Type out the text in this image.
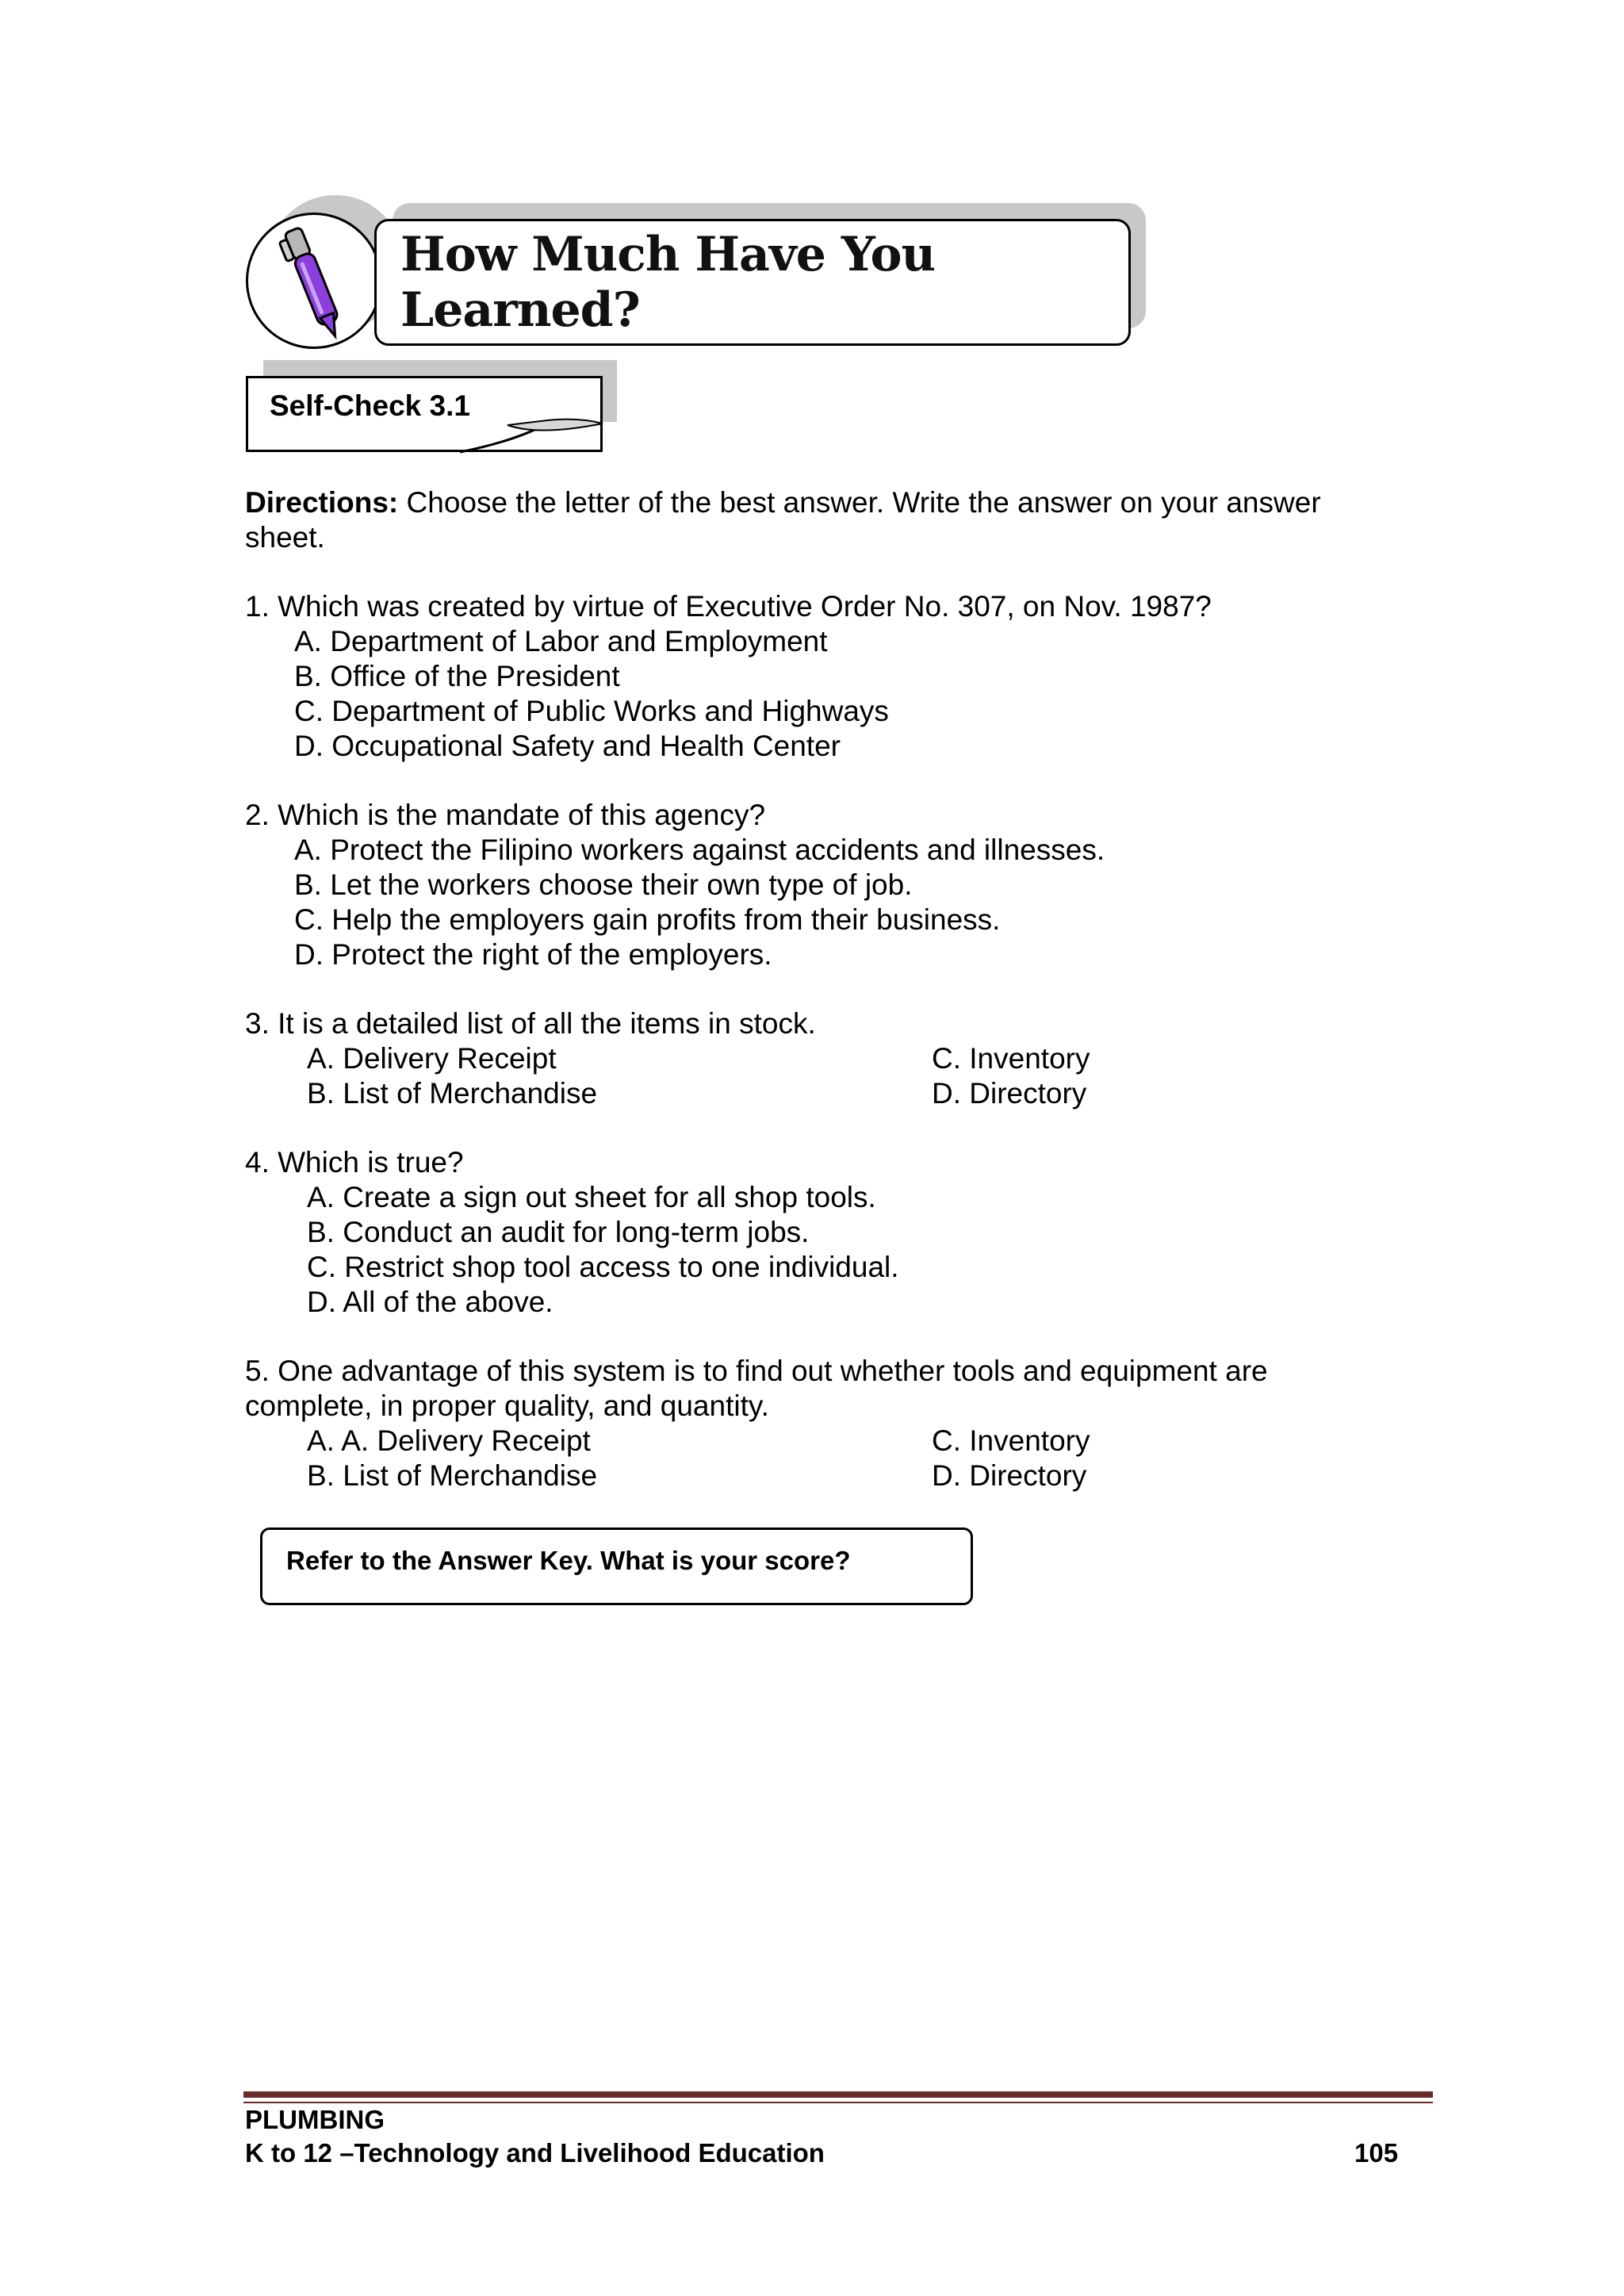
How Much Have You Learned?
Self-Check 3.1
Directions: Choose the letter of the best answer. Write the answer on your answer sheet.
1. Which was created by virtue of Executive Order No. 307, on Nov. 1987?
A. Department of Labor and Employment
B. Office of the President
C. Department of Public Works and Highways
D. Occupational Safety and Health Center
2. Which is the mandate of this agency?
A. Protect the Filipino workers against accidents and illnesses.
B. Let the workers choose their own type of job.
C. Help the employers gain profits from their business.
D. Protect the right of the employers.
3. It is a detailed list of all the items in stock.
A. Delivery Receipt	C. Inventory
B. List of Merchandise	D. Directory
4. Which is true?
A. Create a sign out sheet for all shop tools.
B. Conduct an audit for long-term jobs.
C. Restrict shop tool access to one individual.
D. All of the above.
5. One advantage of this system is to find out whether tools and equipment are complete, in proper quality, and quantity.
A. A. Delivery Receipt	C. Inventory
B. List of Merchandise	D. Directory
Refer to the Answer Key. What is your score?
PLUMBING
K to 12 –Technology and Livelihood Education	105
